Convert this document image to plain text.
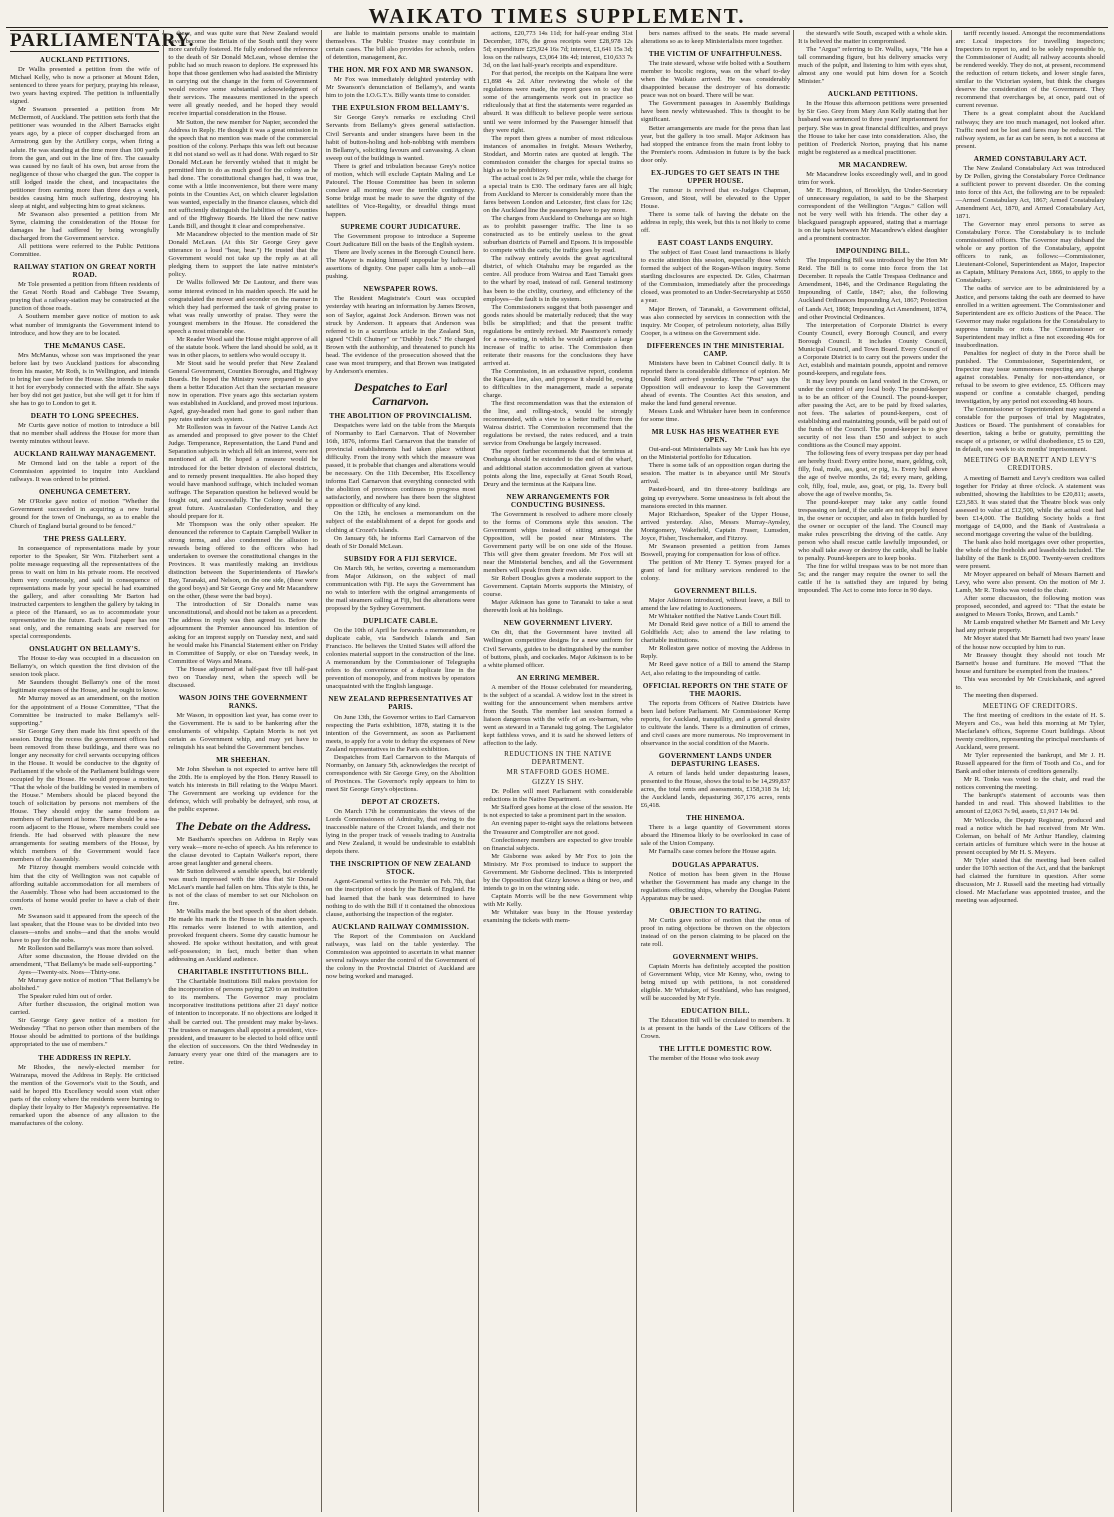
WAIKATO TIMES SUPPLEMENT.
PARLIAMENTARY.
AUCKLAND PETITIONS.

Dr Wallis presented a petition from the wife of Michael Kelly, who is now a prisoner at Mount Eden, sentenced to three years for perjury, praying his release, two years having expired. The petition is influentially signed.

Mr Swanson presented a petition from Mr McDermott, of Auckland. The petition sets forth that the petitioner was wounded in the Albert Barracks eight years ago, by a piece of copper discharged from an Armstrong gun by the Artillery corps, when firing a salute. He was standing at the time more than 100 yards from the gun, and out in the line of fire. The casualty was caused by no fault of his own, but arose from the negligence of those who charged the gun. The copper is still lodged inside the chest, and incapacitates the petitioner from earning more than three days a week, besides causing him much suffering, destroying his sleep at night, and subjecting him to great sickness.

Mr Swanson also presented a petition from Mr Syme, claiming the consideration of the House for damages he had suffered by being wrongfully discharged from the Government service.

All petitions were referred to the Public Petitions Committee.

RAILWAY STATION ON GREAT NORTH ROAD.

Mr Tole presented a petition from fifteen residents of the Great North Road and Cabbage Tree Swamp, praying that a railway-station may be constructed at the junction of those roads.

A Southern member gave notice of motion to ask what number of immigrants the Government intend to introduce, and how they are to be located.

THE McMANUS CASE.

Mrs McManus, whose son was imprisoned the year before last by two Auckland justices for absconding from his master, Mr Roth, is in Wellington, and intends to bring her case before the House. She intends to make it hot for everybody connected with the affair. She says her boy did not get justice, but she will get it for him if she has to go to London to get it.

DEATH TO LONG SPEECHES.

Mr Curtis gave notice of motion to introduce a bill that no member shall address the House for more than twenty minutes without leave.

AUCKLAND RAILWAY MANAGEMENT.

Mr Ormond laid on the table a report of the Commission appointed to inquire into Auckland railways. It was ordered to be printed.

ONEHUNGA CEMETERY.

Mr O'Rorke gave notice of motion "Whether the Government succeeded in acquiring a new burial ground for the town of Onehunga, so as to enable the Church of England burial ground to be fenced."

THE PRESS GALLERY.

In consequence of representations made by your reporter to the Speaker, Sir Wm. Fitzherbert sent a polite message requesting all the representatives of the press to wait on him in his private room. He received them very courteously, and said in consequence of representations made by your special he had examined the gallery, and after consulting Mr Barton had instructed carpenters to lengthen the gallery by taking in a piece of the Hansard, so as to accommodate your representative in the future. Each local paper has one seat only, and the remaining seats are reserved for special correspondents.

ONSLAUGHT ON BELLAMY'S.

The House to-day was occupied in a discussion on Bellamy's, on which question the first division of the session took place.

Mr Saunders thought Bellamy's one of the most legitimate expenses of the House, and he ought to know.

Mr Murray moved as an amendment, on the motion for the appointment of a House Committee, "That the Committee be instructed to make Bellamy's self-supporting."

Sir George Grey then made his first speech of the session. During the recess the government offices had been removed from these buildings, and there was no longer any necessity for civil servants occupying offices in the House. It would be conducive to the dignity of Parliament if the whole of the Parliament buildings were occupied by the House. He would propose a motion, "That the whole of the building be vested in members of the House." Members should be placed beyond the touch of solicitation by persons not members of the House. They should enjoy the same freedom as members of Parliament at home. There should be a tea-room adjacent to the House, where members could see friends. He had observed with pleasure the new arrangements for seating members of the House, by which members of the Government would face members of the Assembly.

Mr Fitzroy thought members would coincide with him that the city of Wellington was not capable of affording suitable accommodation for all members of the Assembly. Those who had been accustomed to the comforts of home would prefer to have a club of their own.

Mr Swanson said it appeared from the speech of the last speaker, that the House was to be divided into two classes—snobs and snobs—and that the snobs would have to pay for the nobs.

Mr Rolleston said Bellamy's was more than solved.

After some discussion, the House divided on the amendment, "That Bellamy's be made self-supporting."

Ayes—Twenty-six. Noes—Thirty-one.

Mr Murray gave notice of motion "That Bellamy's be abolished."

The Speaker ruled him out of order.

After further discussion, the original motion was carried.

Sir George Grey gave notice of a motion for Wednesday "That no person other than members of the House should be admitted to portions of the buildings appropriated to the use of members."

THE ADDRESS IN REPLY.

Mr Rhodes, the newly-elected member for Wairarapa, moved the Address in Reply. He criticised the mention of the Governor's visit to the South, and said he hoped His Excellency would soon visit other parts of the colony where the residents were burning to display their loyalty to Her Majesty's representative. He remarked upon the absence of any allusion to the manufactures of the colony.

these, and was quite sure that New Zealand would never become the Britain of the South until they were more carefully fostered. He fully endorsed the reference to the death of Sir Donald McLean, whose demise the public had so much reason to deplore. He expressed his hope that those gentlemen who had assisted the Ministry in carrying out the change in the form of Government would receive some substantial acknowledgment of their services. The measures mentioned in the speech were all greatly needed, and he hoped they would receive impartial consideration in the House.

Mr Sutton, the new member for Napier, seconded the Address in Reply. He thought it was a great omission in the speech that no mention was made of the commercial position of the colony. Perhaps this was left out because it did not stand so well as it had done. With regard to Sir Donald McLean he fervently wished that it might be permitted him to do as much good for the colony as he had done. The constitutional changes had, it was true, come with a little inconvenience, but there were many points in the Counties Act, on which clearer legislation was wanted, especially in the finance clauses, which did not sufficiently distinguish the liabilities of the Counties and of the Highway Boards. He liked the new native Lands Bill, and thought it clear and comprehensive.

Mr Macandrew objected to the mention made of Sir Donald McLean. (At this Sir George Grey gave utterance to a loud "hear, hear.") He trusted that the Government would not take up the reply as at all pledging them to support the late native minister's policy.

Dr Wallis followed Mr De Lautour, and there was some interest evinced in his maiden speech. He said he congratulated the mover and seconder on the manner in which they had performed the task of giving praise to what was really unworthy of praise. They were the youngest members in the House. He considered the speech a most miserable one.

Mr Reader Wood said the House might approve of all of the statute book. Where the land should be sold, as it was in other places, to settlers who would occupy it.

Mr Stout said he would prefer that New Zealand General Government, Counties Boroughs, and Highway Boards. He hoped the Ministry were prepared to give them a better Education Act than the sectarian measure now in operation. Five years ago this sectarian system was established in Auckland, and proved most injurious. Aged, gray-headed men had gone to gaol rather than pay rates under such system.

Mr Rolleston was in favour of the Native Lands Act as amended and proposed to give power to the Chief Judge. Temperance, Representation, the Land Fund and Separation subjects in which all felt an interest, were not mentioned at all. He hoped a measure would be introduced for the better division of electoral districts, and to remedy present inequalities. He also hoped they would have manhood suffrage, which included woman suffrage. The Separation question he believed would be fought out, and successfully. The Colony would be a great future. Australasian Confederation, and they should prepare for it.

Mr Thompson was the only other speaker. He denounced the reference to Captain Campbell Walker in strong terms, and also condemned the allusion to rewards being offered to the officers who had undertaken to oversee the constitutional changes in the Provinces. It was manifestly making an invidious distinction between the Superintendents of Hawke's Bay, Taranaki, and Nelson, on the one side, (these were the good boys) and Sir George Grey and Mr Macandrew on the other, (these were the bad boys).

The introduction of Sir Donald's name was unconstitutional, and should not be taken as a precedent. The address in reply was then agreed to. Before the adjournment the Premier announced his intention of asking for an imprest supply on Tuesday next, and said he would make his Financial Statement either on Friday in Committee of Supply, or else on Tuesday week, in Committee of Ways and Means.

The House adjourned at half-past five till half-past two on Tuesday next, when the speech will be discussed.

WASON JOINS THE GOVERNMENT RANKS.

Mr Wason, in opposition last year, has come over to the Government. He is said to be hankering after the emoluments of whipship. Captain Morris is not yet certain as Government whip, and may yet have to relinquish his seat behind the Government benches.

MR SHEEHAN.

Mr John Sheehan is not expected to arrive here till the 20th. He is employed by the Hon. Henry Russell to watch his interests in Bill relating to the Waipu Maori. The Government are working up evidence for the defence, which will probably be defrayed, snb rosa, at the public expense.

The Debate on the Address.

Mr Bastham's speeches on Address in Reply was very weak—more re-echo of speech. As his reference to the clause devoted to Captain Walker's report, there arose great laughter and general cheers.

Mr Sutton delivered a sensible speech, but evidently was much impressed with the idea that Sir Donald McLean's mantle had fallen on him. This style is this, he is not of the class of member to set our Nicholson on fire.

Mr Wallis made the best speech of the short debate. He made his mark in the House in his maiden speech. His remarks were listened to with attention, and provoked frequent cheers. Some dry caustic humour he showed. He spoke without hesitation, and with great self-possession; in fact, much better than when addressing an Auckland audience.

CHARITABLE INSTITUTIONS BILL.

The Charitable Institutions Bill makes provision for the incorporation of persons paying £20 to an institution to its members. The Governor may proclaim incorporative institutions petitions after 21 days' notice of intention to incorporate. If no objections are lodged it shall be carried out. The president may make by-laws. The trustees or managers shall appoint a president, vice-president, and treasurer to be elected to hold office until the election of successors. On the third Wednesday in January every year one third of the managers are to retire.

are liable to maintain persons unable to maintain themselves. The Public Trustee may contribute in certain cases. The bill also provides for schools, orders of detention, management, &c.

THE HON. MR FOX AND MR SWANSON.

Mr Fox was immediately delighted yesterday with Mr Swanson's denunciation of Bellamy's, and wants him to join the I.O.G.T.'s. Billy wants time to consider.

THE EXPULSION FROM BELLAMY'S.

Sir George Grey's remarks re excluding Civil Servants from Bellamy's gives general satisfaction. Civil Servants and under strangers have been in the habit of button-holing and hob-nobbing with members in Bellamy's, soliciting favours and canvassing. A clean sweep out of the buildings is wanted.

There is grief and tribulation because Grey's notice of motion, which will exclude Captain Maling and Le Patourel. The House Committee has been in solemn conclave all morning over the terrible contingency. Some bridge must be made to save the dignity of the satellites of Vice-Regality, or dreadful things must happen.

SUPREME COURT JUDICATURE.

The Government propose to introduce a Supreme Court Judicature Bill on the basis of the English system.

There are lively scenes in the Borough Council here. The Mayor is making himself unpopular by ludicrous assertions of dignity. One paper calls him a snob—all pushing.

NEWSPAPER ROWS.

The Resident Magistrate's Court was occupied yesterday with hearing an information by James Brown, son of Saylor, against Jock Anderson. Brown was not struck by Anderson. It appears that Anderson was referred to in a scurrilous article in the Zealand Sun, signed "Chili Chutney" or "Dubbly Jock." He charged Brown with the authorship, and threatened to punch his head. The evidence of the prosecution showed that the case was most trumpery, and that Brown was instigated by Anderson's enemies.

Despatches to Earl Carnarvon.
THE ABOLITION OF PROVINCIALISM.

Despatches were laid on the table from the Marquis of Normanby to Earl Carnarvon. That of November 16th, 1876, informs Earl Carnarvon that the transfer of provincial establishments had taken place without difficulty. From the irony with which the measure was passed, it is probable that changes and alterations would be necessary. On the 11th December, His Excellency informs Earl Carnarvon that everything connected with the abolition of provinces continues to progress most satisfactorily, and nowhere has there been the slightest opposition or difficulty of any kind.

On the 12th, he encloses a memorandum on the subject of the establishment of a depot for goods and clothing at Crozet's Islands.

On January 6th, he informs Earl Carnarvon of the death of Sir Donald McLean.

SUBSIDY FOR A FIJI SERVICE.

On March 9th, he writes, covering a memorandum from Major Atkinson, on the subject of mail communication with Fiji. He says the Government has no wish to interfere with the original arrangements of the mail steamers calling at Fiji, but the alterations were proposed by the Sydney Government.

DUPLICATE CABLE.

On the 10th of April he forwards a memorandum, re duplicate cable, via Sandwich Islands and San Francisco. He believes the United States will afford the colonies material support in the construction of the line. A memorandum by the Commissioner of Telegraphs refers to the convenience of a duplicate line in the prevention of monopoly, and from motives by operators unacquainted with the English language.

NEW ZEALAND REPRESENTATIVES AT PARIS.

On June 13th, the Governor writes to Earl Carnarvon respecting the Paris exhibition, 1878, stating it is the intention of the Government, as soon as Parliament meets, to apply for a vote to defray the expenses of New Zealand representatives in the Paris exhibition.

Despatches from Earl Carnarvon to the Marquis of Normanby, on January 5th, acknowledges the receipt of correspondence with Sir George Grey, on the Abolition of Provinces. The Governor's reply appears to him to meet Sir George Grey's objections.

DEPOT AT CROZETS.

On March 17th he communicates the views of the Lords Commissioners of Admiralty, that owing to the inaccessible nature of the Crozet Islands, and their not lying in the proper track of vessels trading to Australia and New Zealand, it would be undesirable to establish depots there.

THE INSCRIPTION OF NEW ZEALAND STOCK.

Agent-General writes to the Premier on Feb. 7th, that on the inscription of stock by the Bank of England. He had learned that the bank was determined to have nothing to do with the Bill if it contained the obnoxious clause, authorising the inspection of the register.

AUCKLAND RAILWAY COMMISSION.

The Report of the Commission on Auckland railways, was laid on the table yesterday. The Commission was appointed to ascertain in what manner several railways under the control of the Government of the colony in the Provincial District of Auckland are now being worked and managed.

actions, £20,773 14s 11d; for half-year ending 31st December, 1876, the gross receipts were £28,978 12s 5d; expenditure £25,924 16s 7d; interest, £1,641 15s 3d; loss on the railways, £3,064 18s 4d; interest, £10,633 7s 3d, on the last half-year's receipts and expenditure.

For that period, the receipts on the Kaipara line were £1,898 4s 2d. After reviewing the whole of the regulations were made, the report goes on to say that some of the arrangements work out in practice so ridiculously that at first the statements were regarded as absurd. It was difficult to believe people were serious until we were informed by the Passenger himself that they were right.

The report then gives a number of most ridiculous instances of anomalies in freight. Messrs Wetherby, Stoddart, and Morrin rates are quoted at length. The commission consider the charges for special trains so high as to be prohibitory.

The actual cost is 2s 9d per mile, while the charge for a special train is £30. The ordinary fares are all high; from Auckland to Mercer is considerably more than the fares between London and Leicester, first class for 12s; on the Auckland line the passengers have to pay more.

The charges from Auckland to Onehunga are so high as to prohibit passenger traffic. The line is so constructed as to be entirely useless to the great suburban districts of Parnell and Epsom. It is impossible to compete with the carts; the traffic goes by road.

The railway entirely avoids the great agricultural district, of which Otahuhu may be regarded as the centre. All produce from Wairoa and East Tamaki goes to the wharf by road, instead of rail. General testimony has been to the civility, courtesy, and efficiency of the employes—the fault is in the system.

The Commissioners suggest that both passenger and goods rates should be materially reduced; that the way bills be simplified; and that the present traffic regulations be entirely revised. Mr Passmore's remedy for a new-rating, in which he would anticipate a large increase of traffic to arise. The Commission then reiterate their reasons for the conclusions they have arrived at.

The Commission, in an exhaustive report, condemn the Kaipara line, also, and propose it should be, owing to difficulties in the management, made a separate charge.

The first recommendation was that the extension of the line, and rolling-stock, would be strongly recommended, with a view to a better traffic from the Wairoa district. The Commission recommend that the regulations be revised, the rates reduced, and a train service from Onehunga be largely increased.

The report further recommends that the terminus at Onehunga should be extended to the end of the wharf, and additional station accommodation given at various points along the line, especially at Great South Road, Drury and the terminus at the Kaipara line.

NEW ARRANGEMENTS FOR CONDUCTING BUSINESS.

The Government is resolved to adhere more closely to the forms of Commons style this session. The Government whips instead of sitting amongst the Opposition, will be posted near Ministers. The Government party will be on one side of the House. This will give them greater freedom. Mr Fox will sit near the Ministerial benches, and all the Government members will speak from their own side.

Sir Robert Douglas gives a moderate support to the Government. Captain Morris supports the Ministry, of course.

Major Atkinson has gone to Taranaki to take a seat therewith look at his holdings.

NEW GOVERNMENT LIVERY.

On dit, that the Government have invited all Wellington competitive designs for a new uniform for Civil Servants, guides to be distinguished by the number of buttons, plush, and cockades. Major Atkinson is to be a white plumed officer.

AN ERRING MEMBER.

A member of the House celebrated for meandering, is the subject of a scandal. A widow lost in the street is waiting for the announcement when members arrive from the South. The member last session formed a liaison dangerous with the wife of an ex-barman, who went as steward in a Taranaki tug going. The Legislator kept faithless vows, and it is said he showed letters of affection to the lady.

REDUCTIONS IN THE NATIVE DEPARTMENT.
MR STAFFORD GOES HOME.
GIZZY IS SHY.

Dr. Pollen will meet Parliament with considerable reductions in the Native Department.

Mr Stafford goes home at the close of the session. He is not expected to take a prominent part in the session.

An evening paper to-night says the relations between the Treasurer and Comptroller are not good.

Confectionery members are expected to give trouble on financial subjects.

Mr Gisborne was asked by Mr Fox to join the Ministry. Mr Fox promised to induce to support the Government. Mr Gisborne declined. This is interpreted by the Opposition that Gizzy knows a thing or two, and intends to go in on the winning side.

Captain Morris will be the new Government whip with Mr Kelly.

Mr Whitaker was busy in the House yesterday examining the tickets with mem-

bers names affixed to the seats. He made several alterations so as to keep Ministerialists more together.

THE VICTIM OF UNFAITHFULNESS.

The irate steward, whose wife bolted with a Southern member to bucolic regions, was on the wharf to-day when the Waikato arrived. He was considerably disappointed because the destroyer of his domestic peace was not on board. There will be war.

The Government passages in Assembly Buildings have been newly whitewashed. This is thought to be significant.

Better arrangements are made for the press than last year, but the gallery is too small. Major Atkinson has had stopped the entrance from the main front lobby to the Premier's room. Admission in future is by the back door only.

EX-JUDGES TO GET SEATS IN THE UPPER HOUSE.

The rumour is revived that ex-Judges Chapman, Gresson, and Stout, will be elevated to the Upper House.

There is some talk of having the debate on the address in reply, this week, but this is not likely to come off.

EAST COAST LANDS ENQUIRY.

The subject of East Coast land transactions is likely to excite attention this session, especially those which formed the subject of the Rogan-Wilson inquiry. Some startling disclosures are expected. Dr. Giles, Chairman of the Commission, immediately after the proceedings closed, was promoted to an Under-Secretaryship at £650 a year.

Major Brown, of Taranaki, a Government official, was also connected by services in connection with the inquiry. Mr Cooper, of petroleum notoriety, alias Billy Cooper, is a witness on the Government side.

DIFFERENCES IN THE MINISTERIAL CAMP.

Ministers have been in Cabinet Council daily. It is reported there is considerable difference of opinion. Mr Donald Reid arrived yesterday. The "Post" says the Opposition will endeavour to keep the Government ahead of events. The Counties Act this session, and make the land fund general revenue.

Messrs Lusk and Whitaker have been in conference for some time.

MR LUSK HAS HIS WEATHER EYE OPEN.

Out-and-out Ministerialists say Mr Lusk has his eye on the Ministerial portfolio for Education.

There is some talk of an opposition organ during the session. The matter is in abeyance until Mr Stout's arrival.

Pasted-board, and tin three-storey buildings are going up everywhere. Some uneasiness is felt about the mansions erected in this manner.

Major Richardson, Speaker of the Upper House, arrived yesterday. Also, Messrs Murray-Aynsley, Montgomery, Wakefield, Captain Fraser, Lumsden, Joyce, Fisher, Teschemaker, and Fitzroy.

Mr Swanson presented a petition from James Boswell, praying for compensation for loss of office.

The petition of Mr Henry T. Symes prayed for a grant of land for military services rendered to the colony.

GOVERNMENT BILLS.

Major Atkinson introduced, without leave, a Bill to amend the law relating to Auctioneers.

Mr Whitaker notified the Native Lands Court Bill.

Mr Donald Reid gave notice of a Bill to amend the Goldfields Act; also to amend the law relating to charitable institutions.

Mr Rolleston gave notice of moving the Address in Reply.

Mr Reed gave notice of a Bill to amend the Stamp Act, also relating to the impounding of cattle.

OFFICIAL REPORTS ON THE STATE OF THE MAORIS.

The reports from Officers of Native Districts have been laid before Parliament. Mr Commissioner Kemp reports, for Auckland, tranquillity, and a general desire to cultivate the lands. There is a diminution of crimes, and civil cases are more numerous. No improvement in observance in the social condition of the Maoris.

GOVERNMENT LANDS UNDER DEPASTURING LEASES.

A return of lands held under depasturing leases, presented to the House, shows the total to be 14,299,837 acres, the total rents and assessments, £158,318 3s 1d; the Auckland lands, depasturing 367,176 acres, rents £6,418.

THE HINEMOA.

There is a large quantity of Government stores aboard the Hinemoa likely to be overlooked in case of sale of the Union Company.

Mr Farnall's case comes before the House again.

DOUGLAS APPARATUS.

Notice of motion has been given in the House whether the Government has made any change in the regulations effecting ships, whereby the Douglas Patent Apparatus may be used.

OBJECTION TO RATING.

Mr Curtis gave notice of motion that the onus of proof in rating objections be thrown on the objectors instead of on the person claiming to be placed on the rate roll.

GOVERNMENT WHIPS.

Captain Morris has definitely accepted the position of Government Whip, vice Mr Kenny, who, owing to being mixed up with petitions, is not considered eligible. Mr Whitaker, of Southland, who has resigned, will be succeeded by Mr Fyfe.

EDUCATION BILL.

The Education Bill will be circulated to members. It is at present in the hands of the Law Officers of the Crown.

THE LITTLE DOMESTIC ROW.

The member of the House who took away

the steward's wife South, escaped with a whole skin. It is believed the matter in compromised.

The "Argus" referring to Dr. Wallis, says, "He has a tall commanding figure, but his delivery smacks very much of the pulpit, and listening to him with eyes shut, almost any one would put him down for a Scotch Minister."

AUCKLAND PETITIONS.

In the House this afternoon petitions were presented by Sir Geo. Grey from Mary Ann Kelly stating that her husband was sentenced to three years' imprisonment for perjury. She was in great financial difficulties, and prays the House to take her case into consideration. Also, the petition of Frederick Norton, praying that his name might be registered as a medical practitioner.

MR MACANDREW.

Mr Macandrew looks exceedingly well, and in good trim for work.

Mr E. Houghton, of Brooklyn, the Under-Secretary of unnecessary regulation, is said to be the Sharpest correspondent of the Wellington "Argus." Gillon will not be very well with his friends. The other day a blackguard paragraph appeared, stating that a marriage is on the tapis between Mr Macandrew's eldest daughter and a prominent contractor.

IMPOUNDING BILL.

The Impounding Bill was introduced by the Hon Mr Reid. The Bill is to come into force from the 1st December. It repeals the Cattle Trespass Ordinance and Amendment, 1846, and the Ordinance Regulating the Impounding of Cattle, 1847; also, the following Auckland Ordinances Impounding Act, 1867; Protection of Lands Act, 1868; Impounding Act Amendment, 1874, and other Provincial Ordinances.

The interpretation of Corporate District is every County Council, every Borough Council, and every Borough Council. It includes County Council, Municipal Council, and Town Board. Every Council of a Corporate District is to carry out the powers under the Act, establish and maintain pounds, appoint and remove pound-keepers, and regulate fees.

It may levy pounds on land vested in the Crown, or under the control of any local body. The pound-keeper is to be an officer of the Council. The pound-keeper, after passing the Act, are to be paid by fixed salaries, not fees. The salaries of pound-keepers, cost of establishing and maintaining pounds, will be paid out of the funds of the Council. The pound-keeper is to give security of not less than £50 and subject to such conditions as the Council may appoint.

The following fees of every trespass per day per head are hereby fixed: Every entire horse, mare, gelding, colt, filly, foal, mule, ass, goat, or pig, 1s. Every bull above the age of twelve months, 2s 6d; every mare, gelding, colt, filly, foal, mule, ass, goat, or pig, 1s. Every bull above the age of twelve months, 5s.

The pound-keeper may take any cattle found trespassing on land, if the cattle are not properly fenced in, the owner or occupier, and also in fields hurdled by the owner or occupier of the land. The Council may make rules prescribing the driving of the cattle. Any person who shall rescue cattle lawfully impounded, or who shall take away or destroy the cattle, shall be liable to penalty. Pound-keepers are to keep books.

The fine for wilful trespass was to be not more than 5s; and the ranger may require the owner to sell the cattle if he is satisfied they are injured by being impounded. The Act to come into force in 90 days.

tariff recently issued. Amongst the recommendations are: Local inspectors for travelling inspectors; Inspectors to report to, and to be solely responsible to, the Commissioner of Audit; all railway accounts should be rendered weekly. They do not, at present, recommend the reduction of return tickets, and lower single fares, similar to the Victorian system, but think the charges deserve the consideration of the Government. They recommend that overcharges be, at once, paid out of current revenue.

There is a great complaint about the Auckland railways; they are too much managed, not looked after. Traffic need not be lost and fares may be reduced. The railway system, as far as can be seen, is not a success at present.

ARMED CONSTABULARY ACT.

The New Zealand Constabulary Act was introduced by Dr Pollen, giving the Constabulary Force Ordinance a sufficient power to prevent disorder. On the coming into force of this Act, the following are to be repealed:—Armed Constabulary Act, 1867; Armed Constabulary Amendment Act, 1870, and Armed Constabulary Act, 1871.

The Governor may enrol persons to serve as Constabulary Force. The Constabulary is to include commissioned officers. The Governor may disband the whole or any portion of the Constabulary, appoint officers to rank, as follows:—Commissioner, Lieutenant-Colonel, Superintendent as Major, Inspector as Captain, Military Pensions Act, 1866, to apply to the Constabulary.

The oaths of service are to be administered by a Justice, and persons taking the oath are deemed to have enrolled in a written agreement. The Commissioner and Superintendent are ex officio Justices of the Peace. The Governor may make regulations for the Constabulary to suppress tumults or riots. The Commissioner or Superintendent may inflict a fine not exceeding 40s for insubordination.

Penalties for neglect of duty in the Force shall be punished. The Commissioner, Superintendent, or Inspector may issue summonses respecting any charge against constables. Penalty for non-attendance, or refusal to be sworn to give evidence, £5. Officers may suspend or confine a constable charged, pending investigation, by any period not exceeding 48 hours.

The Commissioner or Superintendent may suspend a constable for the purposes of trial by Magistrates, Justices or Board. The punishment of constables for desertion, taking a bribe or gratuity, permitting the escape of a prisoner, or wilful disobedience, £5 to £20, in default, one week to six months' imprisonment.

MEETING OF BARNETT AND LEVY'S CREDITORS.

A meeting of Barnett and Levy's creditors was called together for Friday at three o'clock. A statement was submitted, showing the liabilities to be £20,811; assets, £23,583. It was stated that the Theatre block was only assessed to value at £12,500, while the actual cost had been £14,000. The Building Society holds a first mortgage of £4,000, and the Bank of Australasia a second mortgage covering the value of the building.

The bank also hold mortgages over other properties, the whole of the freeholds and leaseholds included. The liability of the Bank is £6,000. Twenty-seven creditors were present.

Mr Moyer appeared on behalf of Messrs Barnett and Levy, who were also present. On the motion of Mr J. Lamb, Mr R. Tonks was voted to the chair.

After some discussion, the following motion was proposed, seconded, and agreed to: "That the estate be assigned to Messrs Tonks, Brown, and Lamb."

Mr Lamb enquired whether Mr Barnett and Mr Levy had any private property.

Mr Moyer stated that Mr Barnett had two years' lease of the house now occupied by him to run.

Mr Brassey thought they should not touch Mr Barnett's house and furniture. He moved "That the house and furniture be exempted from the trustees."

This was seconded by Mr Cruickshank, and agreed to.

The meeting then dispersed.

MEETING OF CREDITORS.

The first meeting of creditors in the estate of H. S. Meyers and Co., was held this morning at Mr Tyler, Macfarlane's offices, Supreme Court buildings. About twenty creditors, representing the principal merchants of Auckland, were present.

Mr Tyler represented the bankrupt, and Mr J. H. Russell appeared for the firm of Tooth and Co., and for Bank and other interests of creditors generally.

Mr R. Tonks was voted to the chair, and read the notices convening the meeting.

The bankrupt's statement of accounts was then handed in and read. This showed liabilities to the amount of £2,063 7s 9d, assets, £1,917 14s 9d.

Mr Wilcocks, the Deputy Registrar, produced and read a notice which he had received from Mr Wm. Coleman, on behalf of Mr Arthur Handley, claiming certain articles of furniture which were in the house at present occupied by Mr H. S. Meyers.

Mr Tyler stated that the meeting had been called under the 107th section of the Act, and that the bankrupt had claimed the furniture in question. After some discussion, Mr J. Russell said the meeting had virtually closed. Mr Macfarlane was appointed trustee, and the meeting was adjourned.
